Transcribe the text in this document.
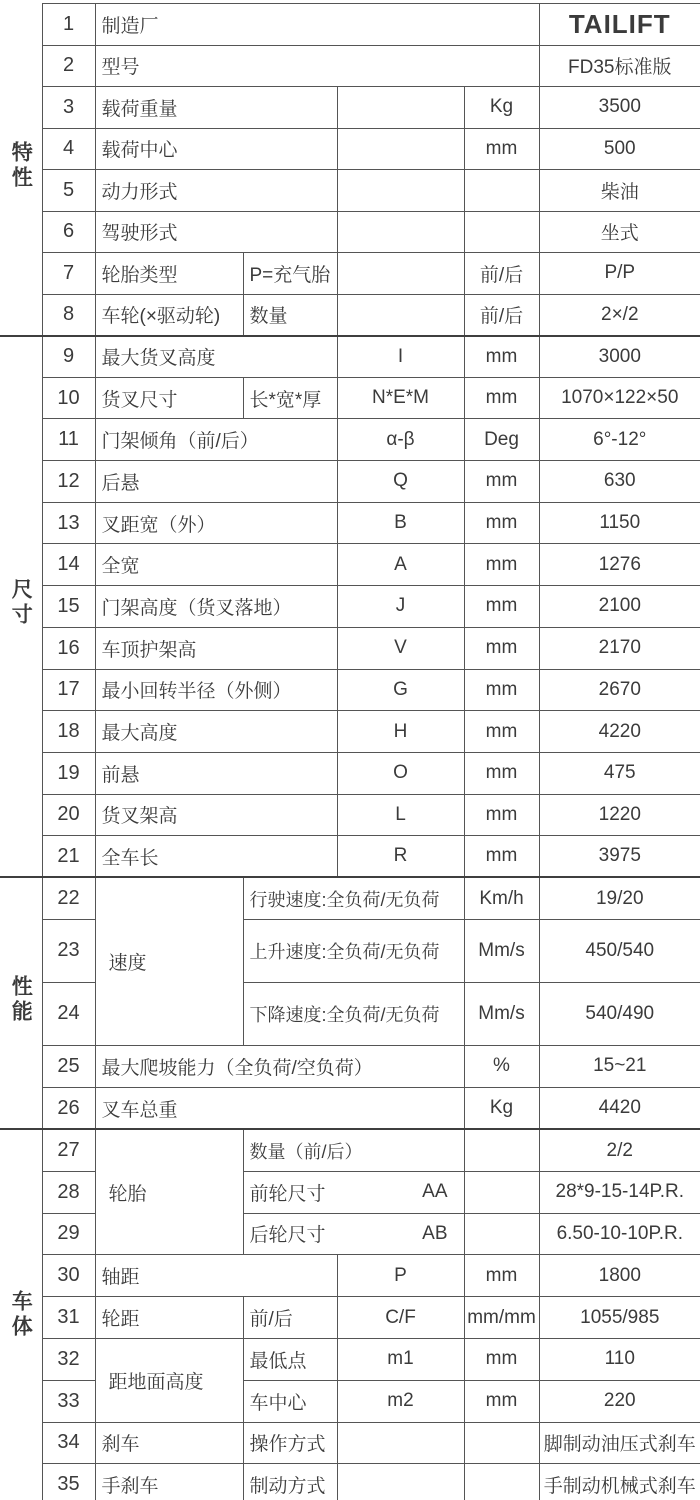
特性	1	制造厂				TAILIFT
	2	型号				FD35标准版
	3	载荷重量			Kg	3500
	4	载荷中心			mm	500
	5	动力形式				柴油
	6	驾驶形式				坐式
	7	轮胎类型	P=充气胎		前/后	P/P
	8	车轮(×驱动轮)	数量		前/后	2×/2
尺寸	9	最大货叉高度		I	mm	3000
	10	货叉尺寸	长*宽*厚	N*E*M	mm	1070×122×50
	11	门架倾角（前/后）		α-β	Deg	6°-12°
	12	后悬		Q	mm	630
	13	叉距宽（外）		B	mm	1150
	14	全宽		A	mm	1276
	15	门架高度（货叉落地）		J	mm	2100
	16	车顶护架高		V	mm	2170
	17	最小回转半径（外侧）		G	mm	2670
	18	最大高度		H	mm	4220
	19	前悬		O	mm	475
	20	货叉架高		L	mm	1220
	21	全车长		R	mm	3975
性能	22	速度	行驶速度:全负荷/无负荷		Km/h	19/20
	23		上升速度:全负荷/无负荷		Mm/s	450/540
	24		下降速度:全负荷/无负荷		Mm/s	540/490
	25	最大爬坡能力（全负荷/空负荷）			%	15~21
	26	叉车总重			Kg	4420
车体	27	轮胎	数量（前/后）			2/2
	28		前轮尺寸 AA			28*9-15-14P.R.
	29		后轮尺寸 AB			6.50-10-10P.R.
	30	轴距		P	mm	1800
	31	轮距	前/后	C/F	mm/mm	1055/985
	32	距地面高度	最低点	m1	mm	110
	33		车中心	m2	mm	220
	34	刹车	操作方式			脚制动油压式刹车
	35	手刹车	制动方式			手制动机械式刹车
